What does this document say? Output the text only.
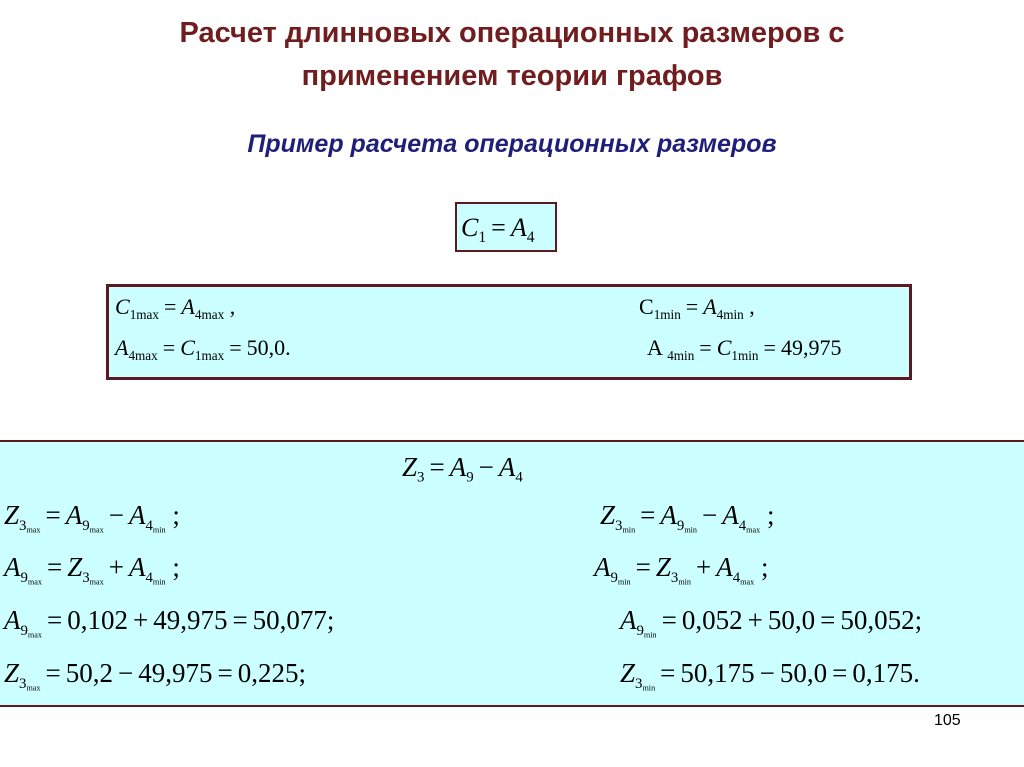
Расчет длинновых операционных размеров с
применением теории графов
Пример расчета операционных размеров
$C_1 = A_4$
$C_{1max} = A_{4max}$ ,	$C_{1min} = A_{4min}$ ,
$A_{4max} = C_{1max} = 50,0$.	A $_{4min} = C_{1min} = 49,975$
$Z_3 = A_9 - A_4$
$Z_{3_{max}} = A_{9_{max}} - A_{4_{min}}$ ;	$Z_{3_{min}} = A_{9_{min}} - A_{4_{max}}$ ;
$A_{9_{max}} = Z_{3_{max}} + A_{4_{min}}$ ;	$A_{9_{min}} = Z_{3_{min}} + A_{4_{max}}$ ;
$A_{9_{max}} = 0,102 + 49,975 = 50,077$;	$A_{9_{min}} = 0,052 + 50,0 = 50,052$;
$Z_{3_{max}} = 50,2 - 49,975 = 0,225$;	$Z_{3_{min}} = 50,175 - 50,0 = 0,175$.
105
